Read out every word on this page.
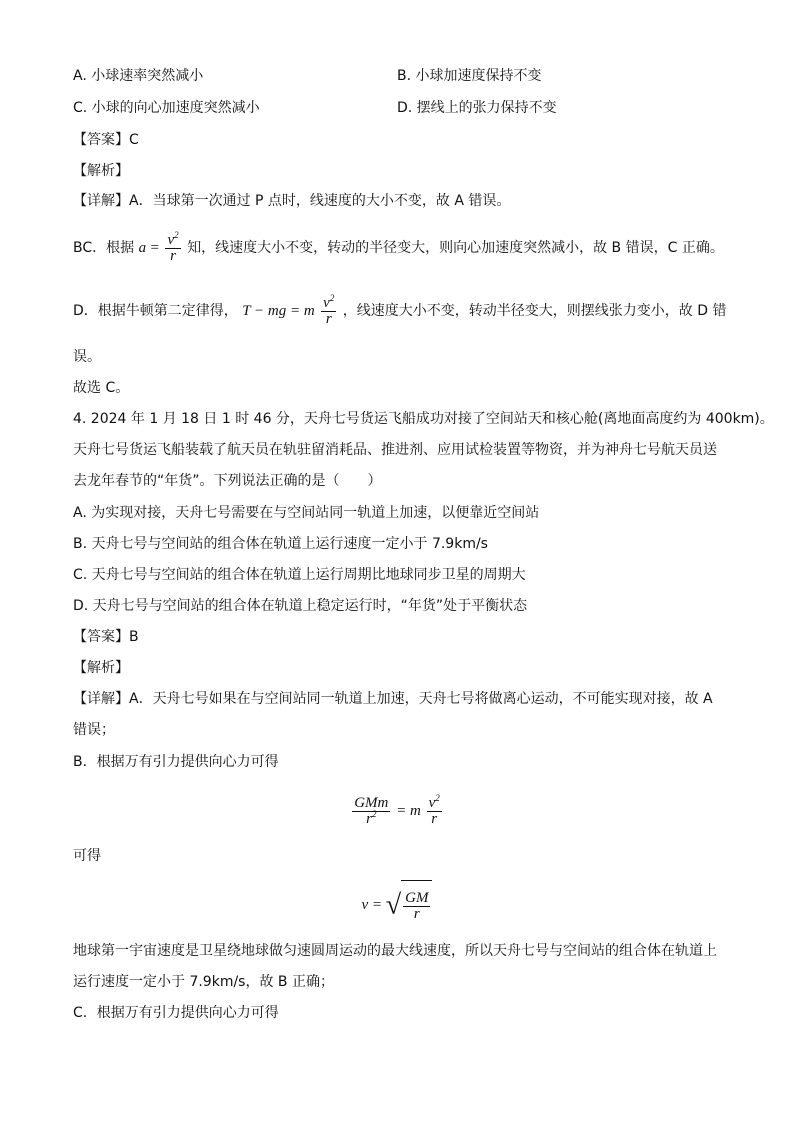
A. 小球速率突然减小	B. 小球加速度保持不变
C. 小球的向心加速度突然减小	D. 摆线上的张力保持不变
【答案】C
【解析】
【详解】A．当球第一次通过 P 点时，线速度的大小不变，故 A 错误。
BC．根据 $a = \frac{v^2}{r}$ 知，线速度大小不变，转动的半径变大，则向心加速度突然减小，故 B 错误，C 正确。
D．根据牛顿第二定律得， T − mg = m $\frac{v^2}{r}$ ，线速度大小不变，转动半径变大，则摆线张力变小，故 D 错
误。
故选 C。
4. 2024 年 1 月 18 日 1 时 46 分，天舟七号货运飞船成功对接了空间站天和核心舱(离地面高度约为 400km)。
天舟七号货运飞船装载了航天员在轨驻留消耗品、推进剂、应用试检装置等物资，并为神舟七号航天员送
去龙年春节的“年货”。下列说法正确的是（　　）
A. 为实现对接，天舟七号需要在与空间站同一轨道上加速，以便靠近空间站
B. 天舟七号与空间站的组合体在轨道上运行速度一定小于 7.9km/s
C. 天舟七号与空间站的组合体在轨道上运行周期比地球同步卫星的周期大
D. 天舟七号与空间站的组合体在轨道上稳定运行时，“年货”处于平衡状态
【答案】B
【解析】
【详解】A．天舟七号如果在与空间站同一轨道上加速，天舟七号将做离心运动，不可能实现对接，故 A
错误；
B．根据万有引力提供向心力可得
$\frac{\text{GMm}}{r^2} = m \frac{v^2}{r}$
可得
v = √ $\frac{GM}{r}$
地球第一宇宙速度是卫星绕地球做匀速圆周运动的最大线速度，所以天舟七号与空间站的组合体在轨道上
运行速度一定小于 7.9km/s，故 B 正确；
C．根据万有引力提供向心力可得
